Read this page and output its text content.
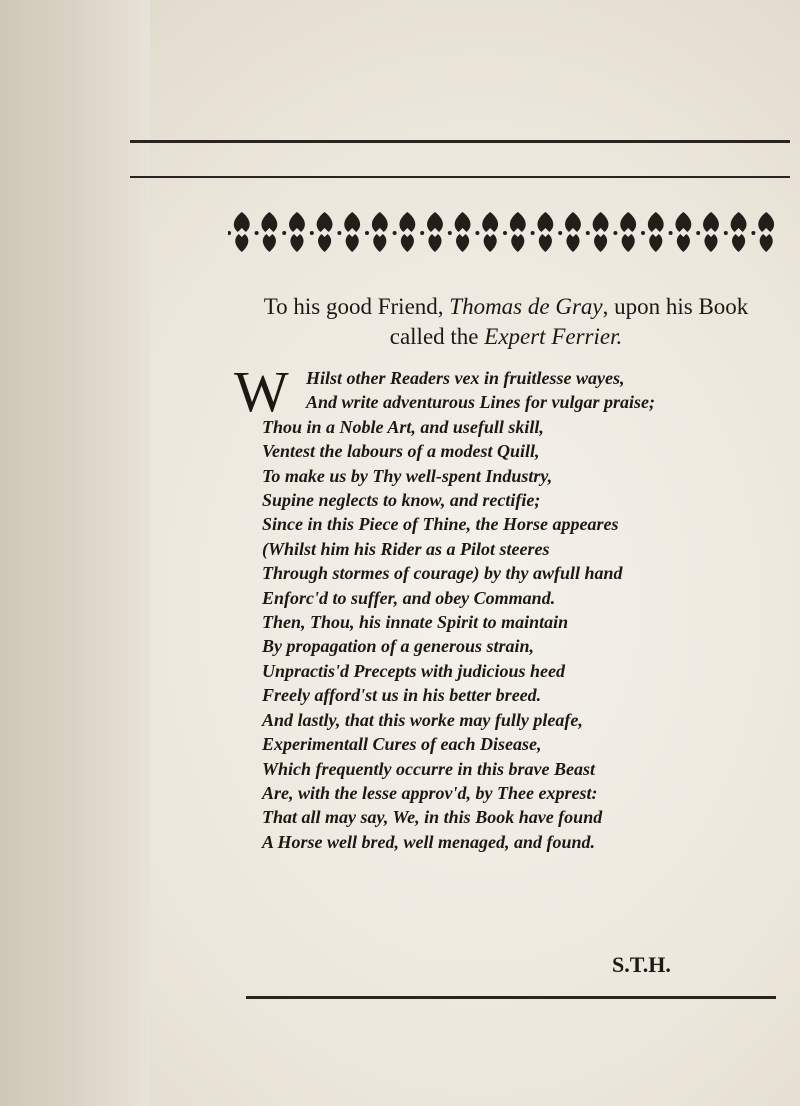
To his good Friend, Thomas de Gray, upon his Book
called the Expert Ferrier.
W Hilst other Readers vex in fruitlesse wayes,
And write adventurous Lines for vulgar praise;
Thou in a Noble Art, and usefull skill,
Ventest the labours of a modest Quill,
To make us by Thy well-spent Industry,
Supine neglects to know, and rectifie;
Since in this Piece of Thine, the Horse appeares
(Whilst him his Rider as a Pilot steeres
Through stormes of courage) by thy awfull hand
Enforc'd to suffer, and obey Command.
Then, Thou, his innate Spirit to maintain
By propagation of a generous strain,
Unpractis'd Precepts with judicious heed
Freely afford'st us in his better breed.
And lastly, that this worke may fully pleafe,
Experimentall Cures of each Disease,
Which frequently occurre in this brave Beast
Are, with the lesse approv'd, by Thee exprest:
That all may say, We, in this Book have found
A Horse well bred, well menaged, and found.
S.T.H.
